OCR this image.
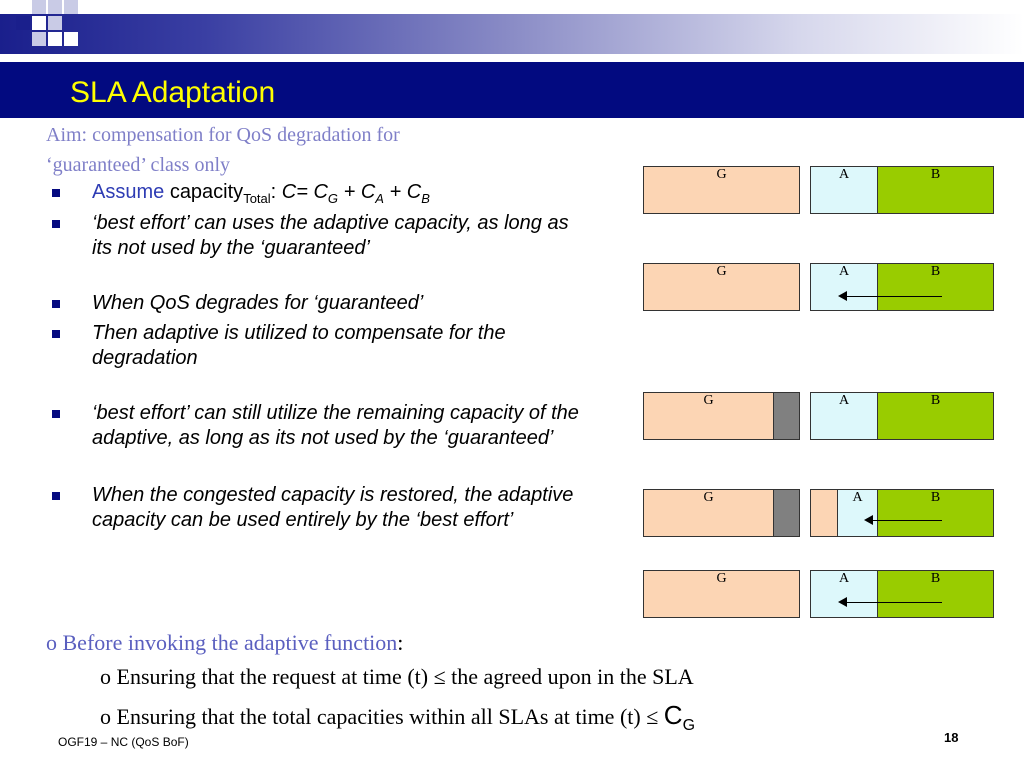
SLA Adaptation
Aim: compensation for QoS degradation for
‘guaranteed’ class only
Assume capacity$_{Total}$: $C= C_G + C_A + C_B$
‘best effort’ can uses the adaptive capacity, as long as its not used by the ‘guaranteed’
When QoS degrades for ‘guaranteed’
Then adaptive is utilized to compensate for the degradation
‘best effort’ can still utilize the remaining capacity of the adaptive, as long as its not used by the ‘guaranteed’
When the congested capacity is restored, the adaptive capacity can be used entirely by the ‘best effort’
G	A	B
G	A	B
G	A	B
G	A	B
G	A	B
o Before invoking the adaptive function:
o Ensuring that the request at time (t) ≤ the agreed upon in the SLA
o Ensuring that the total capacities within all SLAs at time $(t) \le C_G$
OGF19 – NC (QoS BoF)	18
